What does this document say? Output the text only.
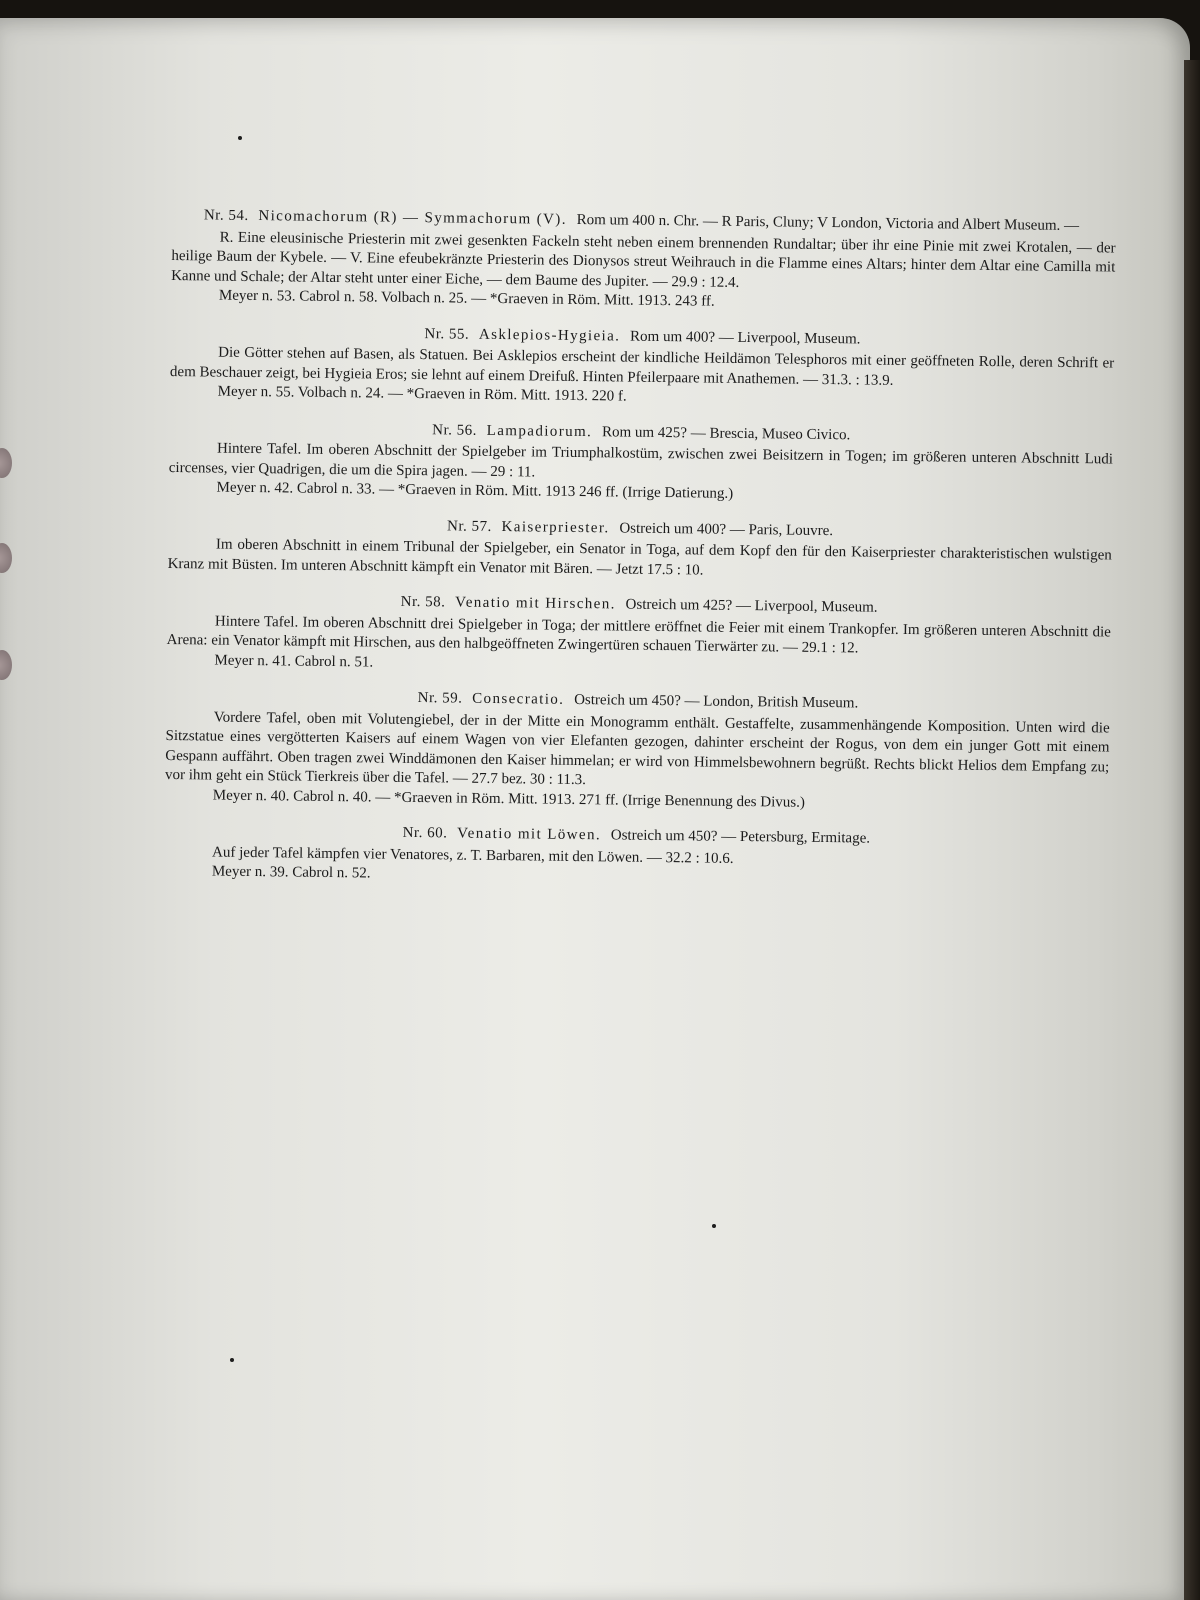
Nr. 54. Nicomachorum (R) — Symmachorum (V). Rom um 400 n. Chr. — R Paris, Cluny; V London, Victoria and Albert Museum. —

R. Eine eleusinische Priesterin mit zwei gesenkten Fackeln steht neben einem brennenden Rundaltar; über ihr eine Pinie mit zwei Krotalen, — der heilige Baum der Kybele. — V. Eine efeubekränzte Priesterin des Dionysos streut Weihrauch in die Flamme eines Altars; hinter dem Altar eine Camilla mit Kanne und Schale; der Altar steht unter einer Eiche, — dem Baume des Jupiter. — 29.9 : 12.4.

Meyer n. 53. Cabrol n. 58. Volbach n. 25. — *Graeven in Röm. Mitt. 1913. 243 ff.

Nr. 55. Asklepios-Hygieia. Rom um 400? — Liverpool, Museum.

Die Götter stehen auf Basen, als Statuen. Bei Asklepios erscheint der kindliche Heildämon Telesphoros mit einer geöffneten Rolle, deren Schrift er dem Beschauer zeigt, bei Hygieia Eros; sie lehnt auf einem Dreifuß. Hinten Pfeilerpaare mit Anathemen. — 31.3. : 13.9.

Meyer n. 55. Volbach n. 24. — *Graeven in Röm. Mitt. 1913. 220 f.

Nr. 56. Lampadiorum. Rom um 425? — Brescia, Museo Civico.

Hintere Tafel. Im oberen Abschnitt der Spielgeber im Triumphalkostüm, zwischen zwei Beisitzern in Togen; im größeren unteren Abschnitt Ludi circenses, vier Quadrigen, die um die Spira jagen. — 29 : 11.

Meyer n. 42. Cabrol n. 33. — *Graeven in Röm. Mitt. 1913 246 ff. (Irrige Datierung.)

Nr. 57. Kaiserpriester. Ostreich um 400? — Paris, Louvre.

Im oberen Abschnitt in einem Tribunal der Spielgeber, ein Senator in Toga, auf dem Kopf den für den Kaiserpriester charakteristischen wulstigen Kranz mit Büsten. Im unteren Abschnitt kämpft ein Venator mit Bären. — Jetzt 17.5 : 10.

Nr. 58. Venatio mit Hirschen. Ostreich um 425? — Liverpool, Museum.

Hintere Tafel. Im oberen Abschnitt drei Spielgeber in Toga; der mittlere eröffnet die Feier mit einem Trankopfer. Im größeren unteren Abschnitt die Arena: ein Venator kämpft mit Hirschen, aus den halbgeöffneten Zwingertüren schauen Tierwärter zu. — 29.1 : 12.

Meyer n. 41. Cabrol n. 51.

Nr. 59. Consecratio. Ostreich um 450? — London, British Museum.

Vordere Tafel, oben mit Volutengiebel, der in der Mitte ein Monogramm enthält. Gestaffelte, zusammenhängende Komposition. Unten wird die Sitzstatue eines vergötterten Kaisers auf einem Wagen von vier Elefanten gezogen, dahinter erscheint der Rogus, von dem ein junger Gott mit einem Gespann auffährt. Oben tragen zwei Winddämonen den Kaiser himmelan; er wird von Himmelsbewohnern begrüßt. Rechts blickt Helios dem Empfang zu; vor ihm geht ein Stück Tierkreis über die Tafel. — 27.7 bez. 30 : 11.3.

Meyer n. 40. Cabrol n. 40. — *Graeven in Röm. Mitt. 1913. 271 ff. (Irrige Benennung des Divus.)

Nr. 60. Venatio mit Löwen. Ostreich um 450? — Petersburg, Ermitage.

Auf jeder Tafel kämpfen vier Venatores, z. T. Barbaren, mit den Löwen. — 32.2 : 10.6.

Meyer n. 39. Cabrol n. 52.
